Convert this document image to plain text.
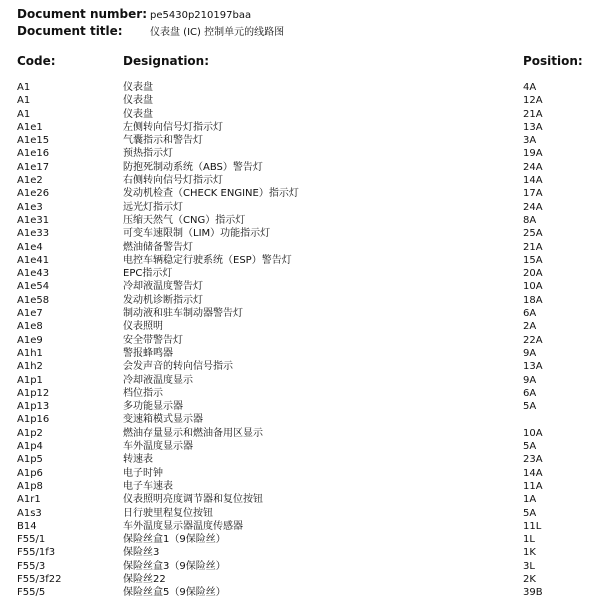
Document number: pe5430p210197baa
Document title:	仪表盘 (IC) 控制单元的线路图
Code:	Designation:	Position:
A1	仪表盘	4A
A1	仪表盘	12A
A1	仪表盘	21A
A1e1	左侧转向信号灯指示灯	13A
A1e15	气囊指示和警告灯	3A
A1e16	预热指示灯	19A
A1e17	防抱死制动系统（ABS）警告灯	24A
A1e2	右侧转向信号灯指示灯	14A
A1e26	发动机检查（CHECK ENGINE）指示灯	17A
A1e3	远光灯指示灯	24A
A1e31	压缩天然气（CNG）指示灯	8A
A1e33	可变车速限制（LIM）功能指示灯	25A
A1e4	燃油储备警告灯	21A
A1e41	电控车辆稳定行驶系统（ESP）警告灯	15A
A1e43	EPC指示灯	20A
A1e54	冷却液温度警告灯	10A
A1e58	发动机诊断指示灯	18A
A1e7	制动液和驻车制动器警告灯	6A
A1e8	仪表照明	2A
A1e9	安全带警告灯	22A
A1h1	警报蜂鸣器	9A
A1h2	会发声音的转向信号指示	13A
A1p1	冷却液温度显示	9A
A1p12	档位指示	6A
A1p13	多功能显示器	5A
A1p16	变速箱模式显示器
A1p2	燃油存量显示和燃油备用区显示	10A
A1p4	车外温度显示器	5A
A1p5	转速表	23A
A1p6	电子时钟	14A
A1p8	电子车速表	11A
A1r1	仪表照明亮度调节器和复位按钮	1A
A1s3	日行驶里程复位按钮	5A
B14	车外温度显示器温度传感器	11L
F55/1	保险丝盒1（9保险丝）	1L
F55/1f3	保险丝3	1K
F55/3	保险丝盒3（9保险丝）	3L
F55/3f22	保险丝22	2K
F55/5	保险丝盒5（9保险丝）	39B
